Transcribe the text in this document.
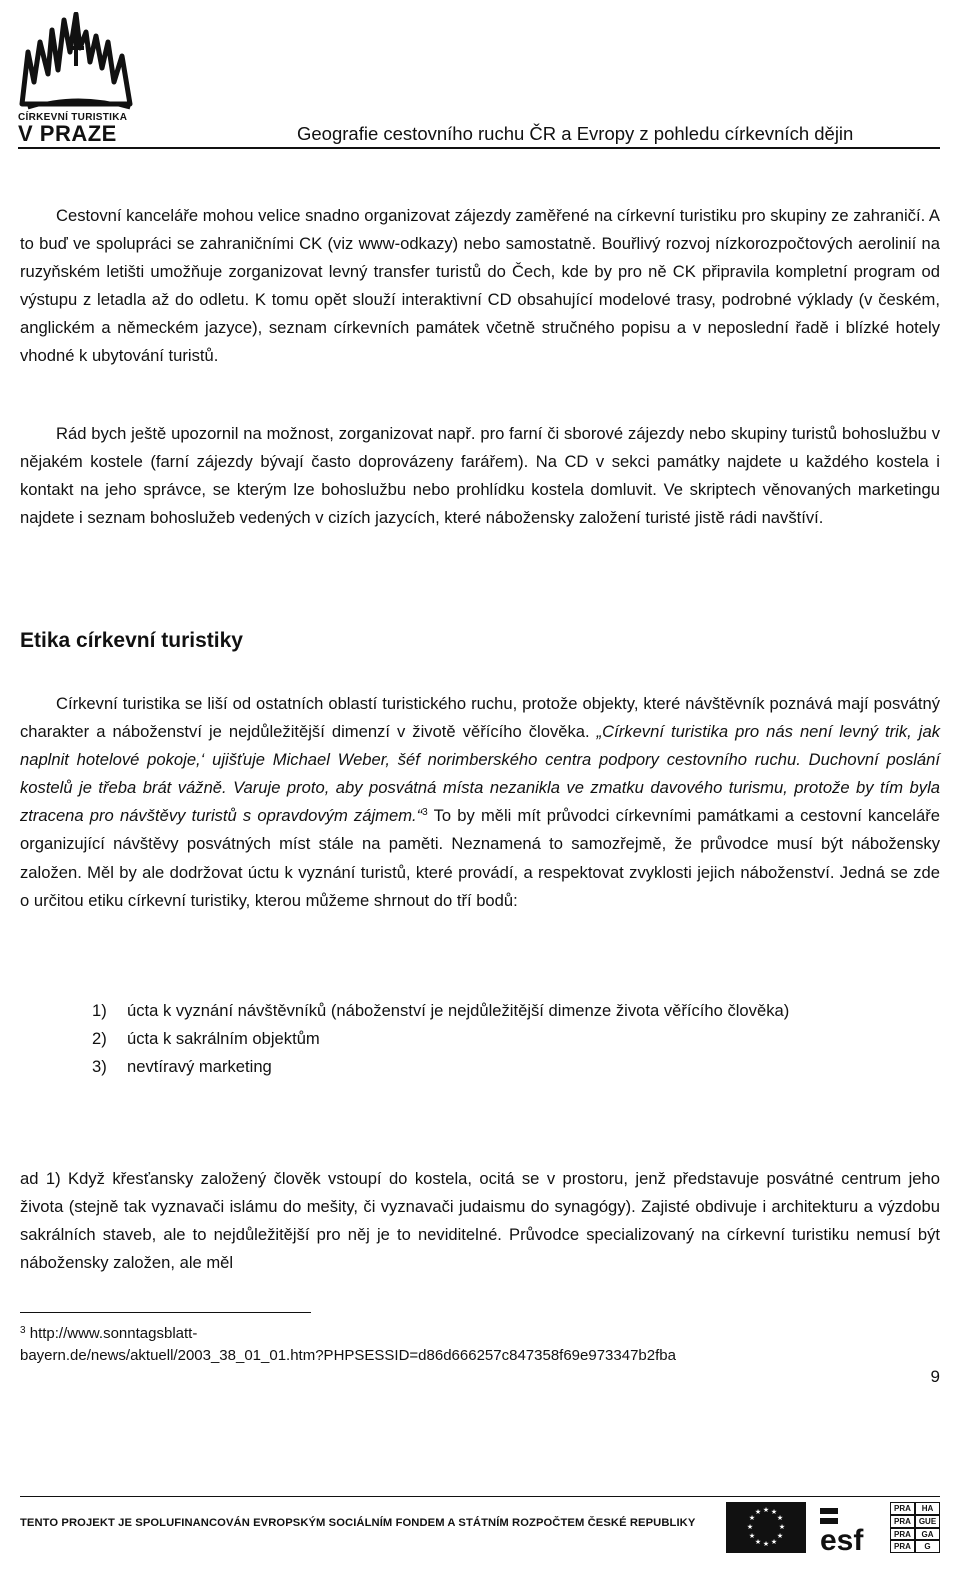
CÍRKEVNÍ TURISTIKA
V PRAZE	Geografie cestovního ruchu ČR a Evropy z pohledu církevních dějin
Cestovní kanceláře mohou velice snadno organizovat zájezdy zaměřené na církevní turistiku pro skupiny ze zahraničí. A to buď ve spolupráci se zahraničními CK (viz www-odkazy) nebo samostatně. Bouřlivý rozvoj nízkorozpočtových aerolinií na ruzyňském letišti umožňuje zorganizovat levný transfer turistů do Čech, kde by pro ně CK připravila kompletní program od výstupu z letadla až do odletu. K tomu opět slouží interaktivní CD obsahující modelové trasy, podrobné výklady (v českém, anglickém a německém jazyce), seznam církevních památek včetně stručného popisu a v neposlední řadě i blízké hotely vhodné k ubytování turistů.
Rád bych ještě upozornil na možnost, zorganizovat např. pro farní či sborové zájezdy nebo skupiny turistů bohoslužbu v nějakém kostele (farní zájezdy bývají často doprovázeny farářem). Na CD v sekci památky najdete u každého kostela i kontakt na jeho správce, se kterým lze bohoslužbu nebo prohlídku kostela domluvit. Ve skriptech věnovaných marketingu najdete i seznam bohoslužeb vedených v cizích jazycích, které nábožensky založení turisté jistě rádi navštíví.
Etika církevní turistiky
Církevní turistika se liší od ostatních oblastí turistického ruchu, protože objekty, které návštěvník poznává mají posvátný charakter a náboženství je nejdůležitější dimenzí v životě věřícího člověka. „Církevní turistika pro nás není levný trik, jak naplnit hotelové pokoje,‘ ujišťuje Michael Weber, šéf norimberského centra podpory cestovního ruchu. Duchovní poslání kostelů je třeba brát vážně. Varuje proto, aby posvátná místa nezanikla ve zmatku davového turismu, protože by tím byla ztracena pro návštěvy turistů s opravdovým zájmem.“$^3$ To by měli mít průvodci církevními památkami a cestovní kanceláře organizující návštěvy posvátných míst stále na paměti. Neznamená to samozřejmě, že průvodce musí být nábožensky založen. Měl by ale dodržovat úctu k vyznání turistů, které provádí, a respektovat zvyklosti jejich náboženství. Jedná se zde o určitou etiku církevní turistiky, kterou můžeme shrnout do tří bodů:
1) úcta k vyznání návštěvníků (náboženství je nejdůležitější dimenze života věřícího člověka)
2) úcta k sakrálním objektům
3) nevtíravý marketing
ad 1) Když křesťansky založený člověk vstoupí do kostela, ocitá se v prostoru, jenž představuje posvátné centrum jeho života (stejně tak vyznavači islámu do mešity, či vyznavači judaismu do synagógy). Zajisté obdivuje i architekturu a výzdobu sakrálních staveb, ale to nejdůležitější pro něj je to neviditelné. Průvodce specializovaný na církevní turistiku nemusí být nábožensky založen, ale měl
$^3$ http://www.sonntagsblatt-
bayern.de/news/aktuell/2003_38_01_01.htm?PHPSESSID=d86d666257c847358f69e973347b2fba
9
TENTO PROJEKT JE SPOLUFINANCOVÁN EVROPSKÝM SOCIÁLNÍM FONDEM A STÁTNÍM ROZPOČTEM ČESKÉ REPUBLIKY
★ ★
★
★
★
★
★
★
★
★
★
★
esf
PRA	HA
PRA GUE
PRA	GA
PRA	G
